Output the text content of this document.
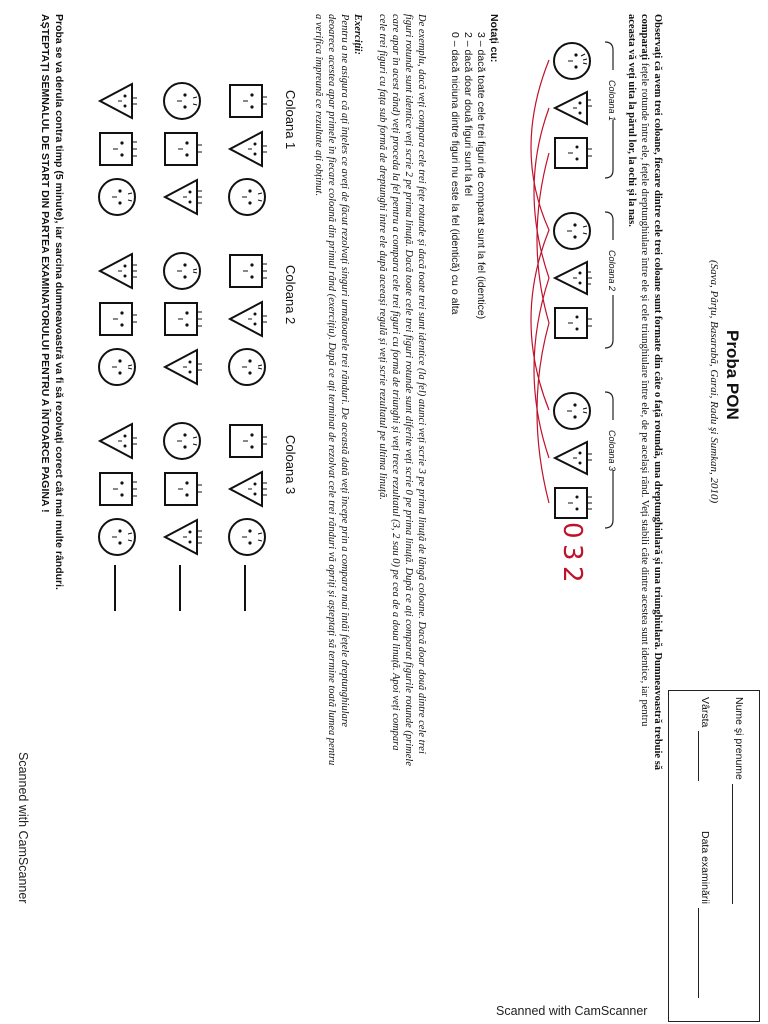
Proba PON
(Sava, Pârţu, Basarabă, Garai, Radu şi Sumkan, 2010)
Nume şi prenume
Vârsta
Data examinării
Observați că avem trei coloane, fiecare dintre cele trei coloane sunt formate din câte o față rotundă, una dreptunghiulară și una triunghiulară. Dumneavoastră trebuie să
comparaţi fețele rotunde între ele, fețele dreptunghiulare între ele și cele triunghiulare între ele, de pe același rând. Veți stabili câte dintre acestea sunt identice, iar pentru
aceasta vă veți uita la părul lor, la ochi și la nas.
Coloana 1
Coloana 2
Coloana 3
0
3
2
Notați cu:
3 – dacă toate cele trei figuri de comparat sunt la fel (identice)
2 – dacă doar două figuri sunt la fel
0 – dacă niciuna dintre figuri nu este la fel (identică) cu o alta
De exemplu, dacă veți compara cele trei fețe rotunde și dacă toate trei sunt identice (la fel) atunci veți scrie 3 pe prima linuță de lângă coloane. Dacă doar două dintre cele trei
figuri rotunde sunt identice veți scrie 2 pe prima linuță. Dacă toate cele trei figuri rotunde sunt diferite veți scrie 0 pe prima linuță. După ce ați comparat figurile rotunde (primele
care apar în acest rând) veți proceda la fel pentru a compara cele trei figuri cu formă de triunghi și veți trece rezultatul (3, 2 sau 0) pe cea de a doua linuță. Apoi veți compara
cele trei figuri cu fața sub formă de dreptunghi între ele după aceeași regulă și veți scrie rezultatul pe ultima linuță.
Exerciții:
Pentru a ne asigura că ați înțeles ce aveți de făcut rezolvați singuri următoarele trei rânduri. De această dată veți începe prin a compara mai întâi fețele dreptunghiulare
deoarece acestea apar primele în fiecare coloană din primul rând (exercițiu). După ce ați terminat de rezolvat cele trei rânduri vă opriți și așteptați să termine toată lumea pentru
a verifica împreună ce rezultate ați obținut.
Coloana 1
Coloana 2
Coloana 3
Proba se va derula contra timp (5 minute), iar sarcina dumneavoastră va fi să rezolvați corect cât mai multe rânduri.
AȘTEPTAȚI SEMNALUL DE START DIN PARTEA EXAMINATORULUI PENTRU A ÎNTOARCE PAGINA !
Scanned with CamScanner
Scanned with CamScanner
